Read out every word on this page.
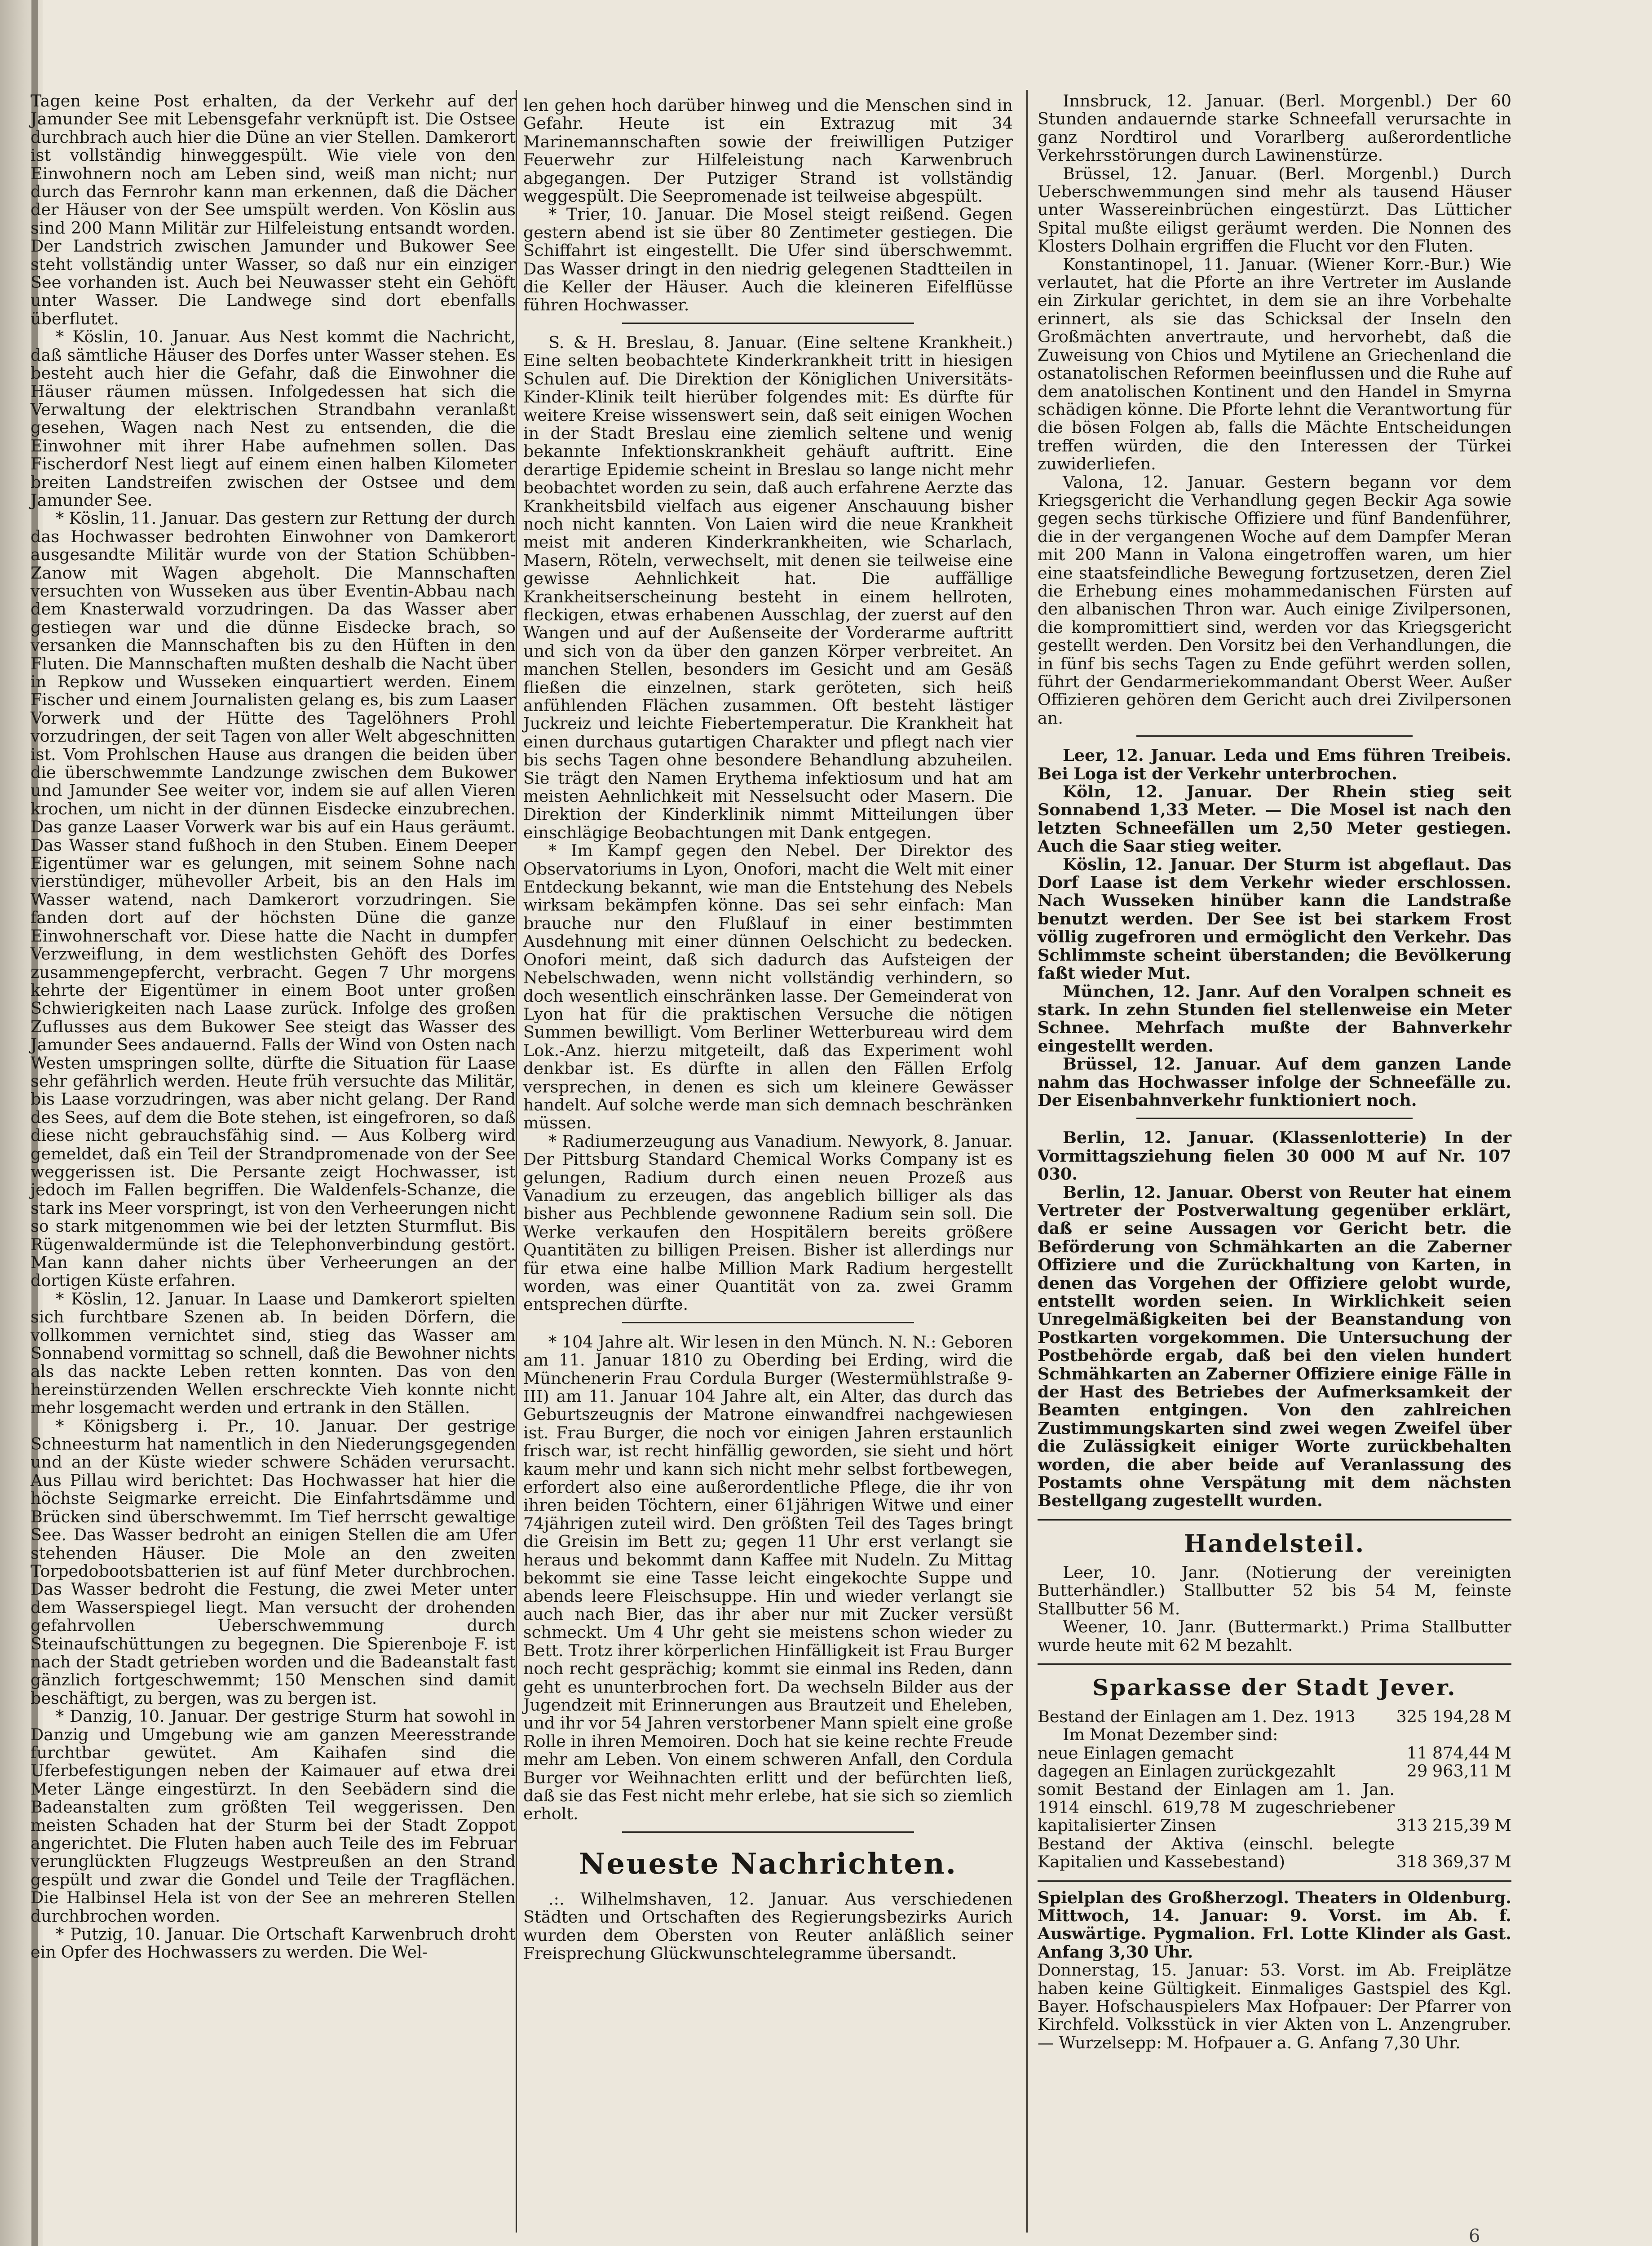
Tagen keine Post erhalten, da der Verkehr auf der Jamunder See mit Lebensgefahr verknüpft ist. Die Ostsee durchbrach auch hier die Düne an vier Stellen. Damkerort ist vollständig hinweggespült. Wie viele von den Einwohnern noch am Leben sind, weiß man nicht; nur durch das Fernrohr kann man erkennen, daß die Dächer der Häuser von der See umspült werden. Von Köslin aus sind 200 Mann Militär zur Hilfeleistung entsandt worden. Der Landstrich zwischen Jamunder und Bukower See steht vollständig unter Wasser, so daß nur ein einziger See vorhanden ist. Auch bei Neuwasser steht ein Gehöft unter Wasser. Die Landwege sind dort ebenfalls überflutet.

* Köslin, 10. Januar. Aus Nest kommt die Nachricht, daß sämtliche Häuser des Dorfes unter Wasser stehen. Es besteht auch hier die Gefahr, daß die Einwohner die Häuser räumen müssen. Infolgedessen hat sich die Verwaltung der elektrischen Strandbahn veranlaßt gesehen, Wagen nach Nest zu entsenden, die die Einwohner mit ihrer Habe aufnehmen sollen. Das Fischerdorf Nest liegt auf einem einen halben Kilometer breiten Landstreifen zwischen der Ostsee und dem Jamunder See.

* Köslin, 11. Januar. Das gestern zur Rettung der durch das Hochwasser bedrohten Einwohner von Damkerort ausgesandte Militär wurde von der Station Schübben-Zanow mit Wagen abgeholt. Die Mannschaften versuchten von Wusseken aus über Eventin-Abbau nach dem Knasterwald vorzudringen. Da das Wasser aber gestiegen war und die dünne Eisdecke brach, so versanken die Mannschaften bis zu den Hüften in den Fluten. Die Mannschaften mußten deshalb die Nacht über in Repkow und Wusseken einquartiert werden. Einem Fischer und einem Journalisten gelang es, bis zum Laaser Vorwerk und der Hütte des Tagelöhners Prohl vorzudringen, der seit Tagen von aller Welt abgeschnitten ist. Vom Prohlschen Hause aus drangen die beiden über die überschwemmte Landzunge zwischen dem Bukower und Jamunder See weiter vor, indem sie auf allen Vieren krochen, um nicht in der dünnen Eisdecke einzubrechen. Das ganze Laaser Vorwerk war bis auf ein Haus geräumt. Das Wasser stand fußhoch in den Stuben. Einem Deeper Eigentümer war es gelungen, mit seinem Sohne nach vierstündiger, mühevoller Arbeit, bis an den Hals im Wasser watend, nach Damkerort vorzudringen. Sie fanden dort auf der höchsten Düne die ganze Einwohnerschaft vor. Diese hatte die Nacht in dumpfer Verzweiflung, in dem westlichsten Gehöft des Dorfes zusammengepfercht, verbracht. Gegen 7 Uhr morgens kehrte der Eigentümer in einem Boot unter großen Schwierigkeiten nach Laase zurück. Infolge des großen Zuflusses aus dem Bukower See steigt das Wasser des Jamunder Sees andauernd. Falls der Wind von Osten nach Westen umspringen sollte, dürfte die Situation für Laase sehr gefährlich werden. Heute früh versuchte das Militär, bis Laase vorzudringen, was aber nicht gelang. Der Rand des Sees, auf dem die Bote stehen, ist eingefroren, so daß diese nicht gebrauchsfähig sind. — Aus Kolberg wird gemeldet, daß ein Teil der Strandpromenade von der See weggerissen ist. Die Persante zeigt Hochwasser, ist jedoch im Fallen begriffen. Die Waldenfels-Schanze, die stark ins Meer vorspringt, ist von den Verheerungen nicht so stark mitgenommen wie bei der letzten Sturmflut. Bis Rügenwaldermünde ist die Telephonverbindung gestört. Man kann daher nichts über Verheerungen an der dortigen Küste erfahren.

* Köslin, 12. Januar. In Laase und Damkerort spielten sich furchtbare Szenen ab. In beiden Dörfern, die vollkommen vernichtet sind, stieg das Wasser am Sonnabend vormittag so schnell, daß die Bewohner nichts als das nackte Leben retten konnten. Das von den hereinstürzenden Wellen erschreckte Vieh konnte nicht mehr losgemacht werden und ertrank in den Ställen.

* Königsberg i. Pr., 10. Januar. Der gestrige Schneesturm hat namentlich in den Niederungsgegenden und an der Küste wieder schwere Schäden verursacht. Aus Pillau wird berichtet: Das Hochwasser hat hier die höchste Seigmarke erreicht. Die Einfahrtsdämme und Brücken sind überschwemmt. Im Tief herrscht gewaltige See. Das Wasser bedroht an einigen Stellen die am Ufer stehenden Häuser. Die Mole an den zweiten Torpedobootsbatterien ist auf fünf Meter durchbrochen. Das Wasser bedroht die Festung, die zwei Meter unter dem Wasserspiegel liegt. Man versucht der drohenden gefahrvollen Ueberschwemmung durch Steinaufschüttungen zu begegnen. Die Spierenboje F. ist nach der Stadt getrieben worden und die Badeanstalt fast gänzlich fortgeschwemmt; 150 Menschen sind damit beschäftigt, zu bergen, was zu bergen ist.

* Danzig, 10. Januar. Der gestrige Sturm hat sowohl in Danzig und Umgebung wie am ganzen Meeresstrande furchtbar gewütet. Am Kaihafen sind die Uferbefestigungen neben der Kaimauer auf etwa drei Meter Länge eingestürzt. In den Seebädern sind die Badeanstalten zum größten Teil weggerissen. Den meisten Schaden hat der Sturm bei der Stadt Zoppot angerichtet. Die Fluten haben auch Teile des im Februar verunglückten Flugzeugs Westpreußen an den Strand gespült und zwar die Gondel und Teile der Tragflächen. Die Halbinsel Hela ist von der See an mehreren Stellen durchbrochen worden.

* Putzig, 10. Januar. Die Ortschaft Karwenbruch droht ein Opfer des Hochwassers zu werden. Die Wel-

len gehen hoch darüber hinweg und die Menschen sind in Gefahr. Heute ist ein Extrazug mit 34 Marinemannschaften sowie der freiwilligen Putziger Feuerwehr zur Hilfeleistung nach Karwenbruch abgegangen. Der Putziger Strand ist vollständig weggespült. Die Seepromenade ist teilweise abgespült.

* Trier, 10. Januar. Die Mosel steigt reißend. Gegen gestern abend ist sie über 80 Zentimeter gestiegen. Die Schiffahrt ist eingestellt. Die Ufer sind überschwemmt. Das Wasser dringt in den niedrig gelegenen Stadtteilen in die Keller der Häuser. Auch die kleineren Eifelflüsse führen Hochwasser.

S. & H. Breslau, 8. Januar. (Eine seltene Krankheit.) Eine selten beobachtete Kinderkrankheit tritt in hiesigen Schulen auf. Die Direktion der Königlichen Universitäts-Kinder-Klinik teilt hierüber folgendes mit: Es dürfte für weitere Kreise wissenswert sein, daß seit einigen Wochen in der Stadt Breslau eine ziemlich seltene und wenig bekannte Infektionskrankheit gehäuft auftritt. Eine derartige Epidemie scheint in Breslau so lange nicht mehr beobachtet worden zu sein, daß auch erfahrene Aerzte das Krankheitsbild vielfach aus eigener Anschauung bisher noch nicht kannten. Von Laien wird die neue Krankheit meist mit anderen Kinderkrankheiten, wie Scharlach, Masern, Röteln, verwechselt, mit denen sie teilweise eine gewisse Aehnlichkeit hat. Die auffällige Krankheitserscheinung besteht in einem hellroten, fleckigen, etwas erhabenen Ausschlag, der zuerst auf den Wangen und auf der Außenseite der Vorderarme auftritt und sich von da über den ganzen Körper verbreitet. An manchen Stellen, besonders im Gesicht und am Gesäß fließen die einzelnen, stark geröteten, sich heiß anfühlenden Flächen zusammen. Oft besteht lästiger Juckreiz und leichte Fiebertemperatur. Die Krankheit hat einen durchaus gutartigen Charakter und pflegt nach vier bis sechs Tagen ohne besondere Behandlung abzuheilen. Sie trägt den Namen Erythema infektiosum und hat am meisten Aehnlichkeit mit Nesselsucht oder Masern. Die Direktion der Kinderklinik nimmt Mitteilungen über einschlägige Beobachtungen mit Dank entgegen.

* Im Kampf gegen den Nebel. Der Direktor des Observatoriums in Lyon, Onofori, macht die Welt mit einer Entdeckung bekannt, wie man die Entstehung des Nebels wirksam bekämpfen könne. Das sei sehr einfach: Man brauche nur den Flußlauf in einer bestimmten Ausdehnung mit einer dünnen Oelschicht zu bedecken. Onofori meint, daß sich dadurch das Aufsteigen der Nebelschwaden, wenn nicht vollständig verhindern, so doch wesentlich einschränken lasse. Der Gemeinderat von Lyon hat für die praktischen Versuche die nötigen Summen bewilligt. Vom Berliner Wetterbureau wird dem Lok.-Anz. hierzu mitgeteilt, daß das Experiment wohl denkbar ist. Es dürfte in allen den Fällen Erfolg versprechen, in denen es sich um kleinere Gewässer handelt. Auf solche werde man sich demnach beschränken müssen.

* Radiumerzeugung aus Vanadium. Newyork, 8. Januar. Der Pittsburg Standard Chemical Works Company ist es gelungen, Radium durch einen neuen Prozeß aus Vanadium zu erzeugen, das angeblich billiger als das bisher aus Pechblende gewonnene Radium sein soll. Die Werke verkaufen den Hospitälern bereits größere Quantitäten zu billigen Preisen. Bisher ist allerdings nur für etwa eine halbe Million Mark Radium hergestellt worden, was einer Quantität von za. zwei Gramm entsprechen dürfte.

* 104 Jahre alt. Wir lesen in den Münch. N. N.: Geboren am 11. Januar 1810 zu Oberding bei Erding, wird die Münchenerin Frau Cordula Burger (Westermühlstraße 9-III) am 11. Januar 104 Jahre alt, ein Alter, das durch das Geburtszeugnis der Matrone einwandfrei nachgewiesen ist. Frau Burger, die noch vor einigen Jahren erstaunlich frisch war, ist recht hinfällig geworden, sie sieht und hört kaum mehr und kann sich nicht mehr selbst fortbewegen, erfordert also eine außerordentliche Pflege, die ihr von ihren beiden Töchtern, einer 61jährigen Witwe und einer 74jährigen zuteil wird. Den größten Teil des Tages bringt die Greisin im Bett zu; gegen 11 Uhr erst verlangt sie heraus und bekommt dann Kaffee mit Nudeln. Zu Mittag bekommt sie eine Tasse leicht eingekochte Suppe und abends leere Fleischsuppe. Hin und wieder verlangt sie auch nach Bier, das ihr aber nur mit Zucker versüßt schmeckt. Um 4 Uhr geht sie meistens schon wieder zu Bett. Trotz ihrer körperlichen Hinfälligkeit ist Frau Burger noch recht gesprächig; kommt sie einmal ins Reden, dann geht es ununterbrochen fort. Da wechseln Bilder aus der Jugendzeit mit Erinnerungen aus Brautzeit und Eheleben, und ihr vor 54 Jahren verstorbener Mann spielt eine große Rolle in ihren Memoiren. Doch hat sie keine rechte Freude mehr am Leben. Von einem schweren Anfall, den Cordula Burger vor Weihnachten erlitt und der befürchten ließ, daß sie das Fest nicht mehr erlebe, hat sie sich so ziemlich erholt.

Neueste Nachrichten.

.:. Wilhelmshaven, 12. Januar. Aus verschiedenen Städten und Ortschaften des Regierungsbezirks Aurich wurden dem Obersten von Reuter anläßlich seiner Freisprechung Glückwunschtelegramme übersandt.

Innsbruck, 12. Januar. (Berl. Morgenbl.) Der 60 Stunden andauernde starke Schneefall verursachte in ganz Nordtirol und Vorarlberg außerordentliche Verkehrsstörungen durch Lawinenstürze.

Brüssel, 12. Januar. (Berl. Morgenbl.) Durch Ueberschwemmungen sind mehr als tausend Häuser unter Wassereinbrüchen eingestürzt. Das Lütticher Spital mußte eiligst geräumt werden. Die Nonnen des Klosters Dolhain ergriffen die Flucht vor den Fluten.

Konstantinopel, 11. Januar. (Wiener Korr.-Bur.) Wie verlautet, hat die Pforte an ihre Vertreter im Auslande ein Zirkular gerichtet, in dem sie an ihre Vorbehalte erinnert, als sie das Schicksal der Inseln den Großmächten anvertraute, und hervorhebt, daß die Zuweisung von Chios und Mytilene an Griechenland die ostanatolischen Reformen beeinflussen und die Ruhe auf dem anatolischen Kontinent und den Handel in Smyrna schädigen könne. Die Pforte lehnt die Verantwortung für die bösen Folgen ab, falls die Mächte Entscheidungen treffen würden, die den Interessen der Türkei zuwiderliefen.

Valona, 12. Januar. Gestern begann vor dem Kriegsgericht die Verhandlung gegen Beckir Aga sowie gegen sechs türkische Offiziere und fünf Bandenführer, die in der vergangenen Woche auf dem Dampfer Meran mit 200 Mann in Valona eingetroffen waren, um hier eine staatsfeindliche Bewegung fortzusetzen, deren Ziel die Erhebung eines mohammedanischen Fürsten auf den albanischen Thron war. Auch einige Zivilpersonen, die kompromittiert sind, werden vor das Kriegsgericht gestellt werden. Den Vorsitz bei den Verhandlungen, die in fünf bis sechs Tagen zu Ende geführt werden sollen, führt der Gendarmeriekommandant Oberst Weer. Außer Offizieren gehören dem Gericht auch drei Zivilpersonen an.

Leer, 12. Januar. Leda und Ems führen Treibeis. Bei Loga ist der Verkehr unterbrochen.

Köln, 12. Januar. Der Rhein stieg seit Sonnabend 1,33 Meter. — Die Mosel ist nach den letzten Schneefällen um 2,50 Meter gestiegen. Auch die Saar stieg weiter.

Köslin, 12. Januar. Der Sturm ist abgeflaut. Das Dorf Laase ist dem Verkehr wieder erschlossen. Nach Wusseken hinüber kann die Landstraße benutzt werden. Der See ist bei starkem Frost völlig zugefroren und ermöglicht den Verkehr. Das Schlimmste scheint überstanden; die Bevölkerung faßt wieder Mut.

München, 12. Janr. Auf den Voralpen schneit es stark. In zehn Stunden fiel stellenweise ein Meter Schnee. Mehrfach mußte der Bahnverkehr eingestellt werden.

Brüssel, 12. Januar. Auf dem ganzen Lande nahm das Hochwasser infolge der Schneefälle zu. Der Eisenbahnverkehr funktioniert noch.

Berlin, 12. Januar. (Klassenlotterie) In der Vormittagsziehung fielen 30 000 M auf Nr. 107 030.

Berlin, 12. Januar. Oberst von Reuter hat einem Vertreter der Postverwaltung gegenüber erklärt, daß er seine Aussagen vor Gericht betr. die Beförderung von Schmähkarten an die Zaberner Offiziere und die Zurückhaltung von Karten, in denen das Vorgehen der Offiziere gelobt wurde, entstellt worden seien. In Wirklichkeit seien Unregelmäßigkeiten bei der Beanstandung von Postkarten vorgekommen. Die Untersuchung der Postbehörde ergab, daß bei den vielen hundert Schmähkarten an Zaberner Offiziere einige Fälle in der Hast des Betriebes der Aufmerksamkeit der Beamten entgingen. Von den zahlreichen Zustimmungskarten sind zwei wegen Zweifel über die Zulässigkeit einiger Worte zurückbehalten worden, die aber beide auf Veranlassung des Postamts ohne Verspätung mit dem nächsten Bestellgang zugestellt wurden.

Handelsteil.

Leer, 10. Janr. (Notierung der vereinigten Butterhändler.) Stallbutter 52 bis 54 M, feinste Stallbutter 56 M.

Weener, 10. Janr. (Buttermarkt.) Prima Stallbutter wurde heute mit 62 M bezahlt.

Sparkasse der Stadt Jever.
Bestand der Einlagen am 1. Dez. 1913	325 194,28 M
Im Monat Dezember sind:	
neue Einlagen gemacht	11 874,44 M
dagegen an Einlagen zurückgezahlt	29 963,11 M
somit Bestand der Einlagen am 1. Jan. 1914 einschl. 619,78 M zugeschriebener kapitalisierter Zinsen	313 215,39 M
Bestand der Aktiva (einschl. belegte Kapitalien und Kassebestand)	318 369,37 M

Spielplan des Großherzogl. Theaters in Oldenburg. Mittwoch, 14. Januar: 9. Vorst. im Ab. f. Auswärtige. Pygmalion. Frl. Lotte Klinder als Gast. Anfang 3,30 Uhr.

Donnerstag, 15. Januar: 53. Vorst. im Ab. Freiplätze haben keine Gültigkeit. Einmaliges Gastspiel des Kgl. Bayer. Hofschauspielers Max Hofpauer: Der Pfarrer von Kirchfeld. Volksstück in vier Akten von L. Anzengruber. — Wurzelsepp: M. Hofpauer a. G. Anfang 7,30 Uhr.

6
